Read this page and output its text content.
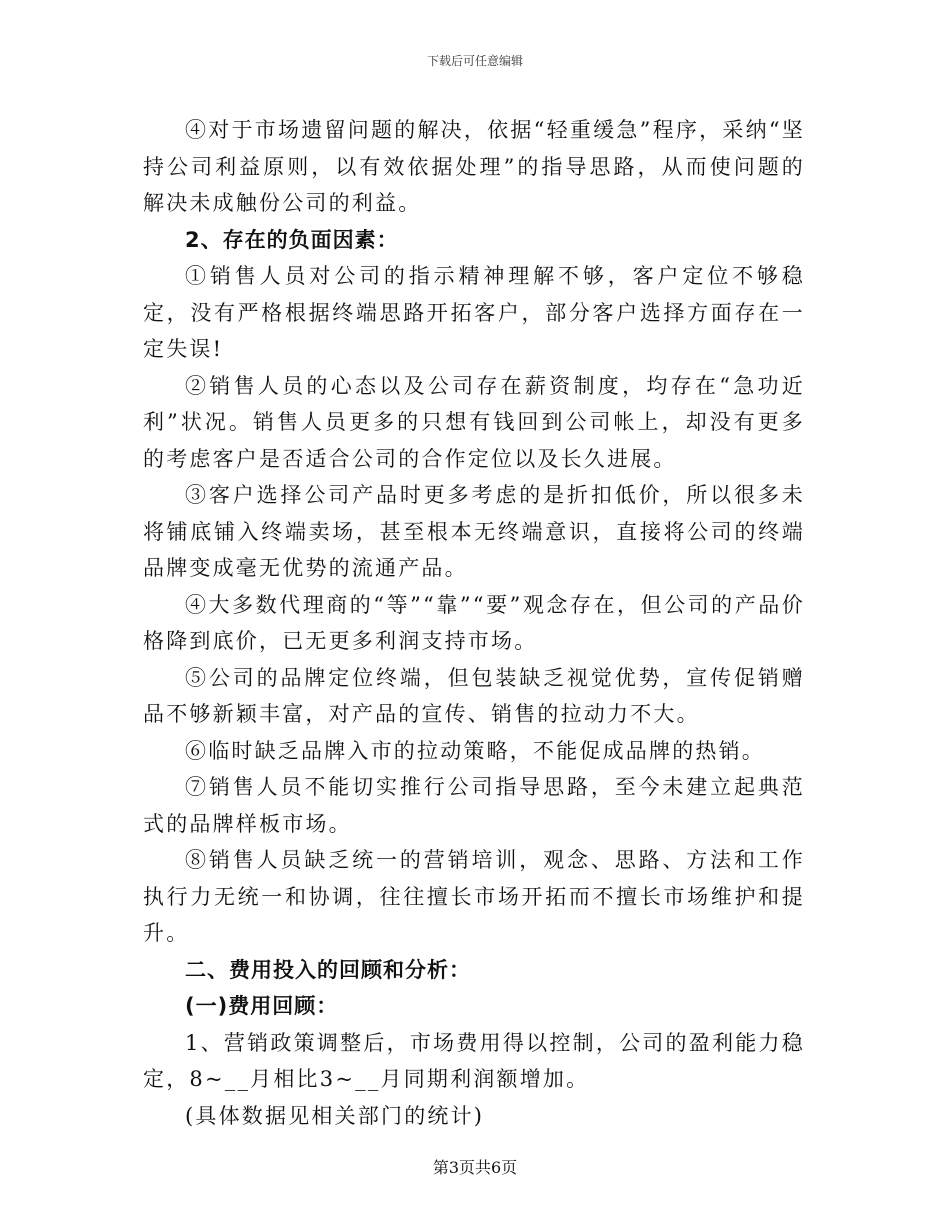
下载后可任意编辑

④对于市场遗留问题的解决，依据“轻重缓急”程序，采纳“坚持公司利益原则，以有效依据处理”的指导思路，从而使问题的解决未成触份公司的利益。

2、存在的负面因素：

①销售人员对公司的指示精神理解不够，客户定位不够稳定，没有严格根据终端思路开拓客户，部分客户选择方面存在一定失误!

②销售人员的心态以及公司存在薪资制度，均存在“急功近利”状况。销售人员更多的只想有钱回到公司帐上，却没有更多的考虑客户是否适合公司的合作定位以及长久进展。

③客户选择公司产品时更多考虑的是折扣低价，所以很多未将铺底铺入终端卖场，甚至根本无终端意识，直接将公司的终端品牌变成毫无优势的流通产品。

④大多数代理商的“等”“靠”“要”观念存在，但公司的产品价格降到底价，已无更多利润支持市场。

⑤公司的品牌定位终端，但包装缺乏视觉优势，宣传促销赠品不够新颖丰富，对产品的宣传、销售的拉动力不大。

⑥临时缺乏品牌入市的拉动策略，不能促成品牌的热销。

⑦销售人员不能切实推行公司指导思路，至今未建立起典范式的品牌样板市场。

⑧销售人员缺乏统一的营销培训，观念、思路、方法和工作执行力无统一和协调，往往擅长市场开拓而不擅长市场维护和提升。

二、费用投入的回顾和分析：

(一)费用回顾：

1、营销政策调整后，市场费用得以控制，公司的盈利能力稳定，8~__月相比3~__月同期利润额增加。

(具体数据见相关部门的统计)

第3页共6页
